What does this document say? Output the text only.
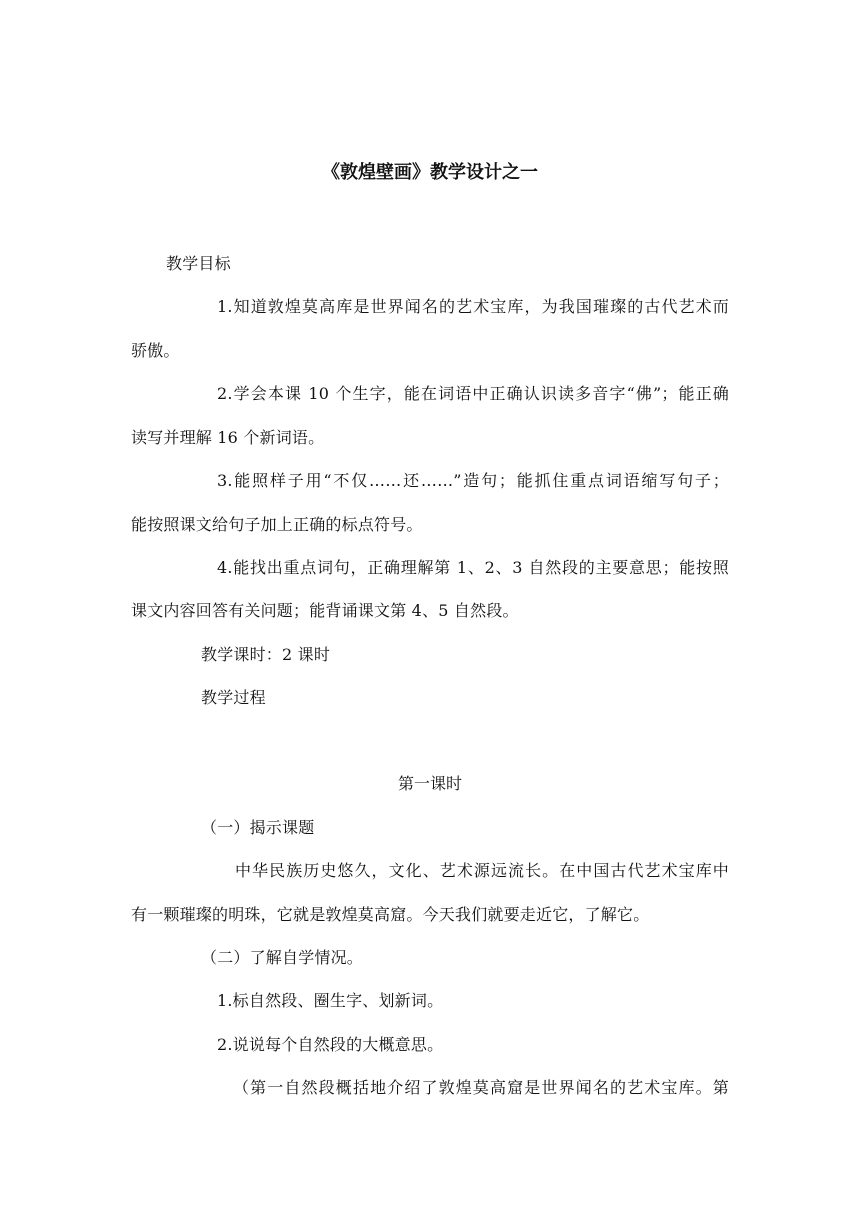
《敦煌壁画》教学设计之一
教学目标
1.知道敦煌莫高库是世界闻名的艺术宝库，为我国璀璨的古代艺术而
骄傲。
2.学会本课 10 个生字，能在词语中正确认识读多音字“佛”；能正确
读写并理解 16 个新词语。
3.能照样子用“不仅……还……”造句；能抓住重点词语缩写句子；
能按照课文给句子加上正确的标点符号。
4.能找出重点词句，正确理解第 1、2、3 自然段的主要意思；能按照
课文内容回答有关问题；能背诵课文第 4、5 自然段。
教学课时：2 课时
教学过程
第一课时
（一）揭示课题
中华民族历史悠久，文化、艺术源远流长。在中国古代艺术宝库中
有一颗璀璨的明珠，它就是敦煌莫高窟。今天我们就要走近它，了解它。
（二）了解自学情况。
1.标自然段、圈生字、划新词。
2.说说每个自然段的大概意思。
（第一自然段概括地介绍了敦煌莫高窟是世界闻名的艺术宝库。第
